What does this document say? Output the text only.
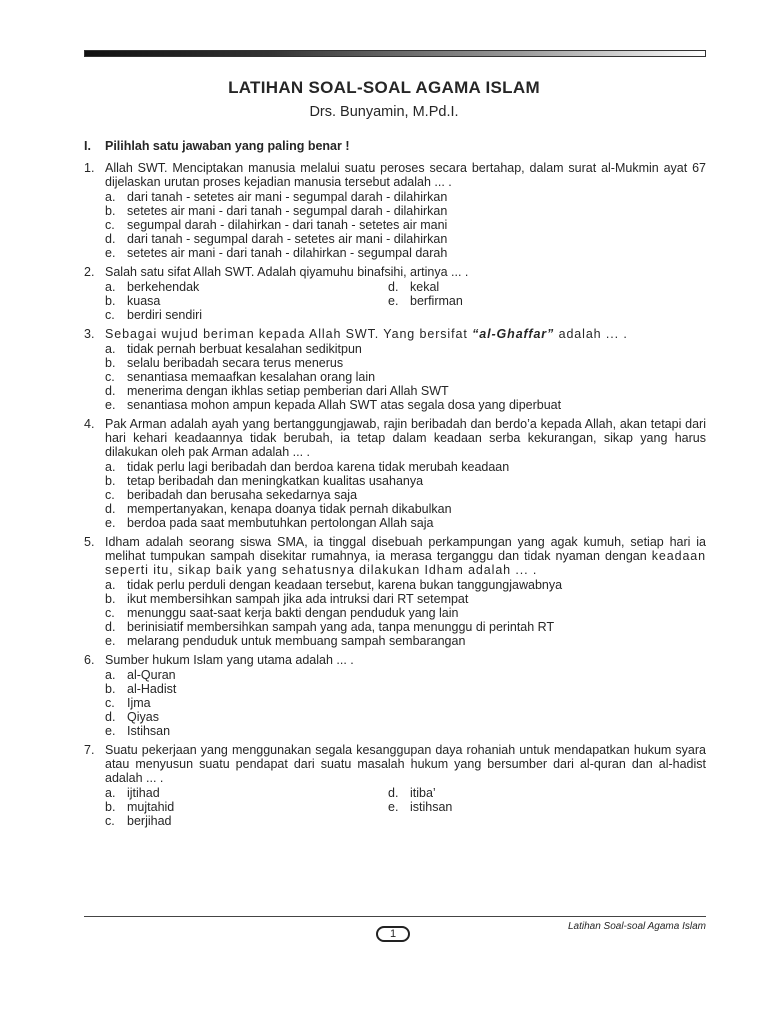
LATIHAN SOAL-SOAL AGAMA ISLAM
Drs. Bunyamin, M.Pd.I.
I. Pilihlah satu jawaban yang paling benar !
1. Allah SWT. Menciptakan manusia melalui suatu peroses secara bertahap, dalam surat al-Mukmin ayat 67 dijelaskan urutan proses kejadian manusia tersebut adalah ... .
a. dari tanah - setetes air mani - segumpal darah - dilahirkan
b. setetes air mani - dari tanah - segumpal darah - dilahirkan
c. segumpal darah - dilahirkan - dari tanah - setetes air mani
d. dari tanah - segumpal darah - setetes air mani - dilahirkan
e. setetes air mani - dari tanah - dilahirkan - segumpal darah
2. Salah satu sifat Allah SWT. Adalah qiyamuhu binafsihi, artinya ... .
a. berkehendak
b. kuasa
c. berdiri sendiri
d. kekal
e. berfirman
3. Sebagai wujud beriman kepada Allah SWT. Yang bersifat “al-Ghaffar” adalah ... .
a. tidak pernah berbuat kesalahan sedikitpun
b. selalu beribadah secara terus menerus
c. senantiasa memaafkan kesalahan orang lain
d. menerima dengan ikhlas setiap pemberian dari Allah SWT
e. senantiasa mohon ampun kepada Allah SWT atas segala dosa yang diperbuat
4. Pak Arman adalah ayah yang bertanggungjawab, rajin beribadah dan berdo’a kepada Allah, akan tetapi dari hari kehari keadaannya tidak berubah, ia tetap dalam keadaan serba kekurangan, sikap yang harus dilakukan oleh pak Arman adalah ... .
a. tidak perlu lagi beribadah dan berdoa karena tidak merubah keadaan
b. tetap beribadah dan meningkatkan kualitas usahanya
c. beribadah dan berusaha sekedarnya saja
d. mempertanyakan, kenapa doanya tidak pernah dikabulkan
e. berdoa pada saat membutuhkan pertolongan Allah saja
5. Idham adalah seorang siswa SMA, ia tinggal disebuah perkampungan yang agak kumuh, setiap hari ia melihat tumpukan sampah disekitar rumahnya, ia merasa terganggu dan tidak nyaman dengan keadaan seperti itu, sikap baik yang sehatusnya dilakukan Idham adalah ... .
a. tidak perlu perduli dengan keadaan tersebut, karena bukan tanggungjawabnya
b. ikut membersihkan sampah jika ada intruksi dari RT setempat
c. menunggu saat-saat kerja bakti dengan penduduk yang lain
d. berinisiatif membersihkan sampah yang ada, tanpa menunggu di perintah RT
e. melarang penduduk untuk membuang sampah sembarangan
6. Sumber hukum Islam yang utama adalah ... .
a. al-Quran
b. al-Hadist
c. Ijma
d. Qiyas
e. Istihsan
7. Suatu pekerjaan yang menggunakan segala kesanggupan daya rohaniah untuk mendapatkan hukum syara atau menyusun suatu pendapat dari suatu masalah hukum yang bersumber dari al-quran dan al-hadist adalah ... .
a. ijtihad
b. mujtahid
c. berjihad
d. itiba’
e. istihsan
Latihan Soal-soal Agama Islam
1
